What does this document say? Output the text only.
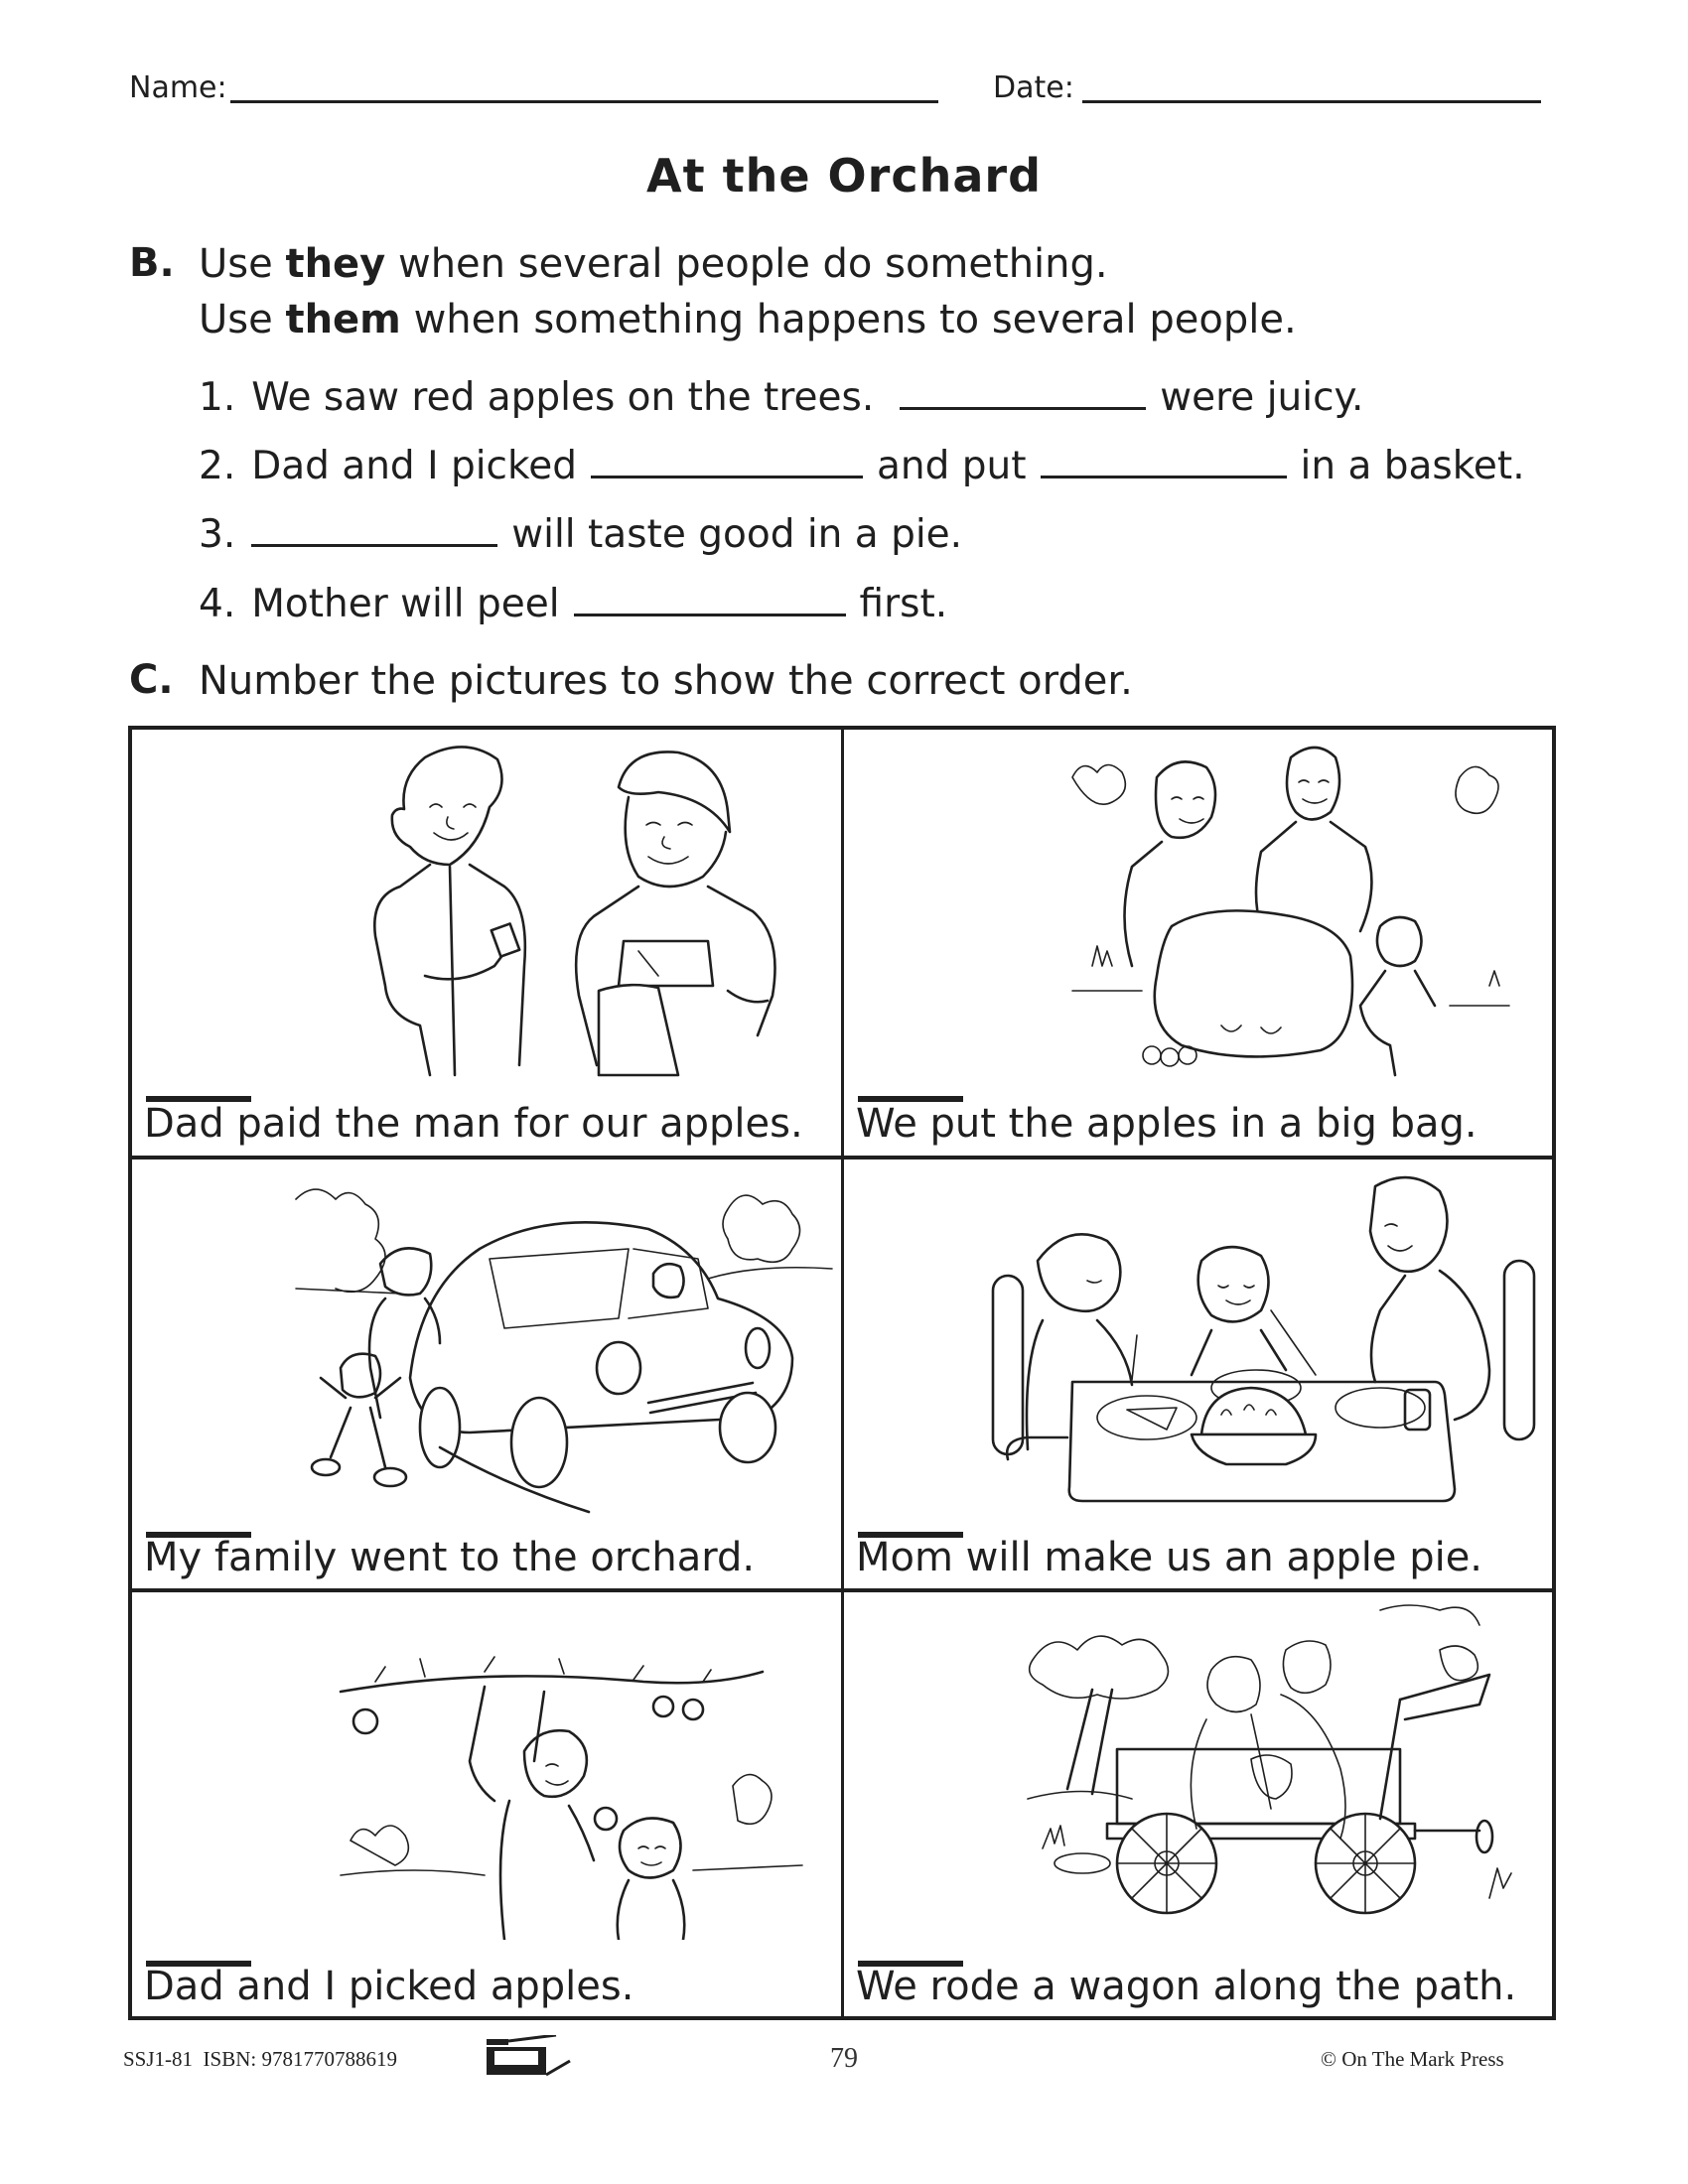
Name:	Date:
At the Orchard
B. Use they when several people do something.
Use them when something happens to several people.
1. We saw red apples on the trees.	were juicy.
2. Dad and I picked	and put	in a basket.
3.	will taste good in a pie.
4. Mother will peel	first.
C. Number the pictures to show the correct order.
Dad paid the man for our apples. We put the apples in a big bag.
My family went to the orchard.	Mom will make us an apple pie.
Dad and I picked apples.	We rode a wagon along the path.
SSJ1-81 ISBN: 9781770788619	79	© On The Mark Press
